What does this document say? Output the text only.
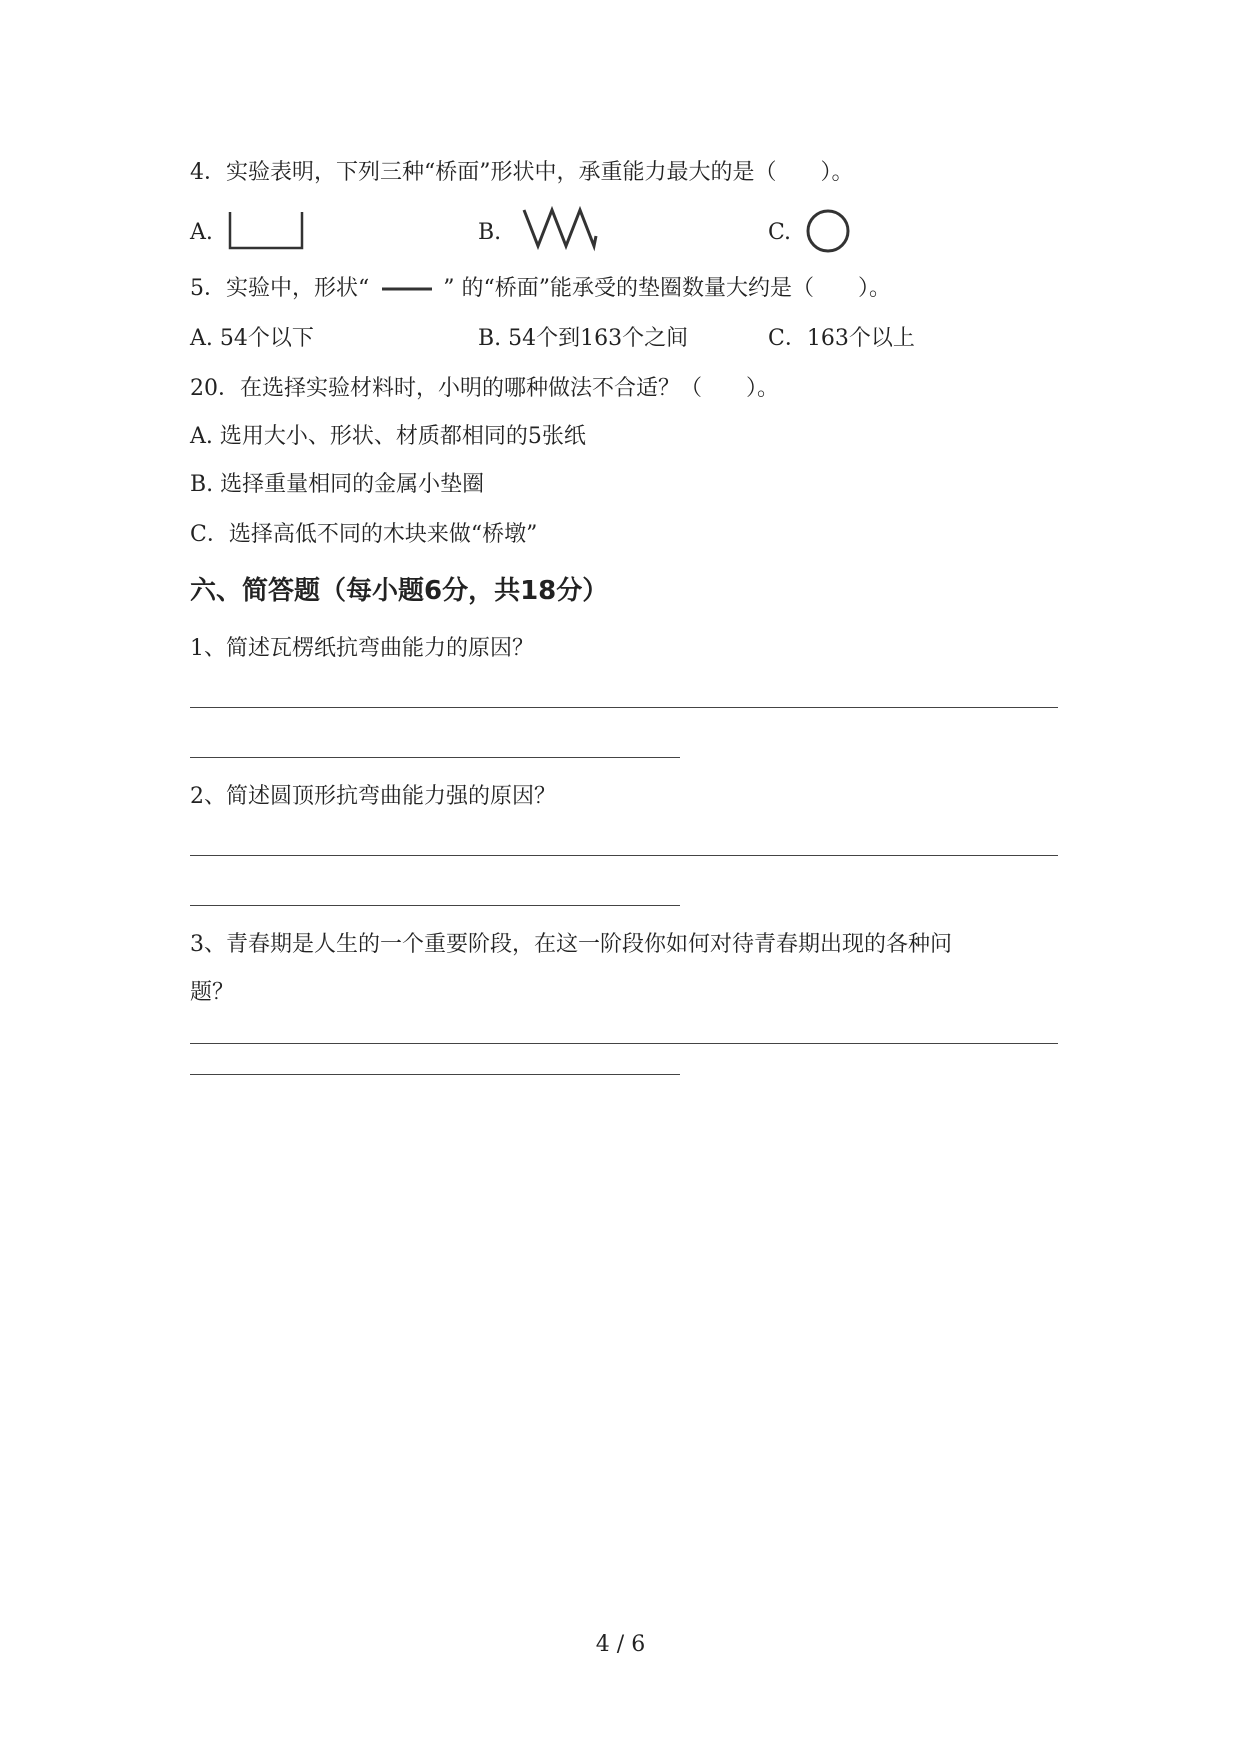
4．实验表明，下列三种“桥面”形状中，承重能力最大的是（　　）。
A.	B.	C.
5．实验中，形状“	” 的“桥面”能承受的垫圈数量大约是（　　）。
A. 54个以下	B. 54个到163个之间	C．163个以上
20．在选择实验材料时，小明的哪种做法不合适？（　　）。
A. 选用大小、形状、材质都相同的5张纸
B. 选择重量相同的金属小垫圈
C．选择高低不同的木块来做“桥墩”
六、简答题（每小题6分，共18分）
1、简述瓦楞纸抗弯曲能力的原因？
2、简述圆顶形抗弯曲能力强的原因？
3、青春期是人生的一个重要阶段，在这一阶段你如何对待青春期出现的各种问
题？
4 / 6
